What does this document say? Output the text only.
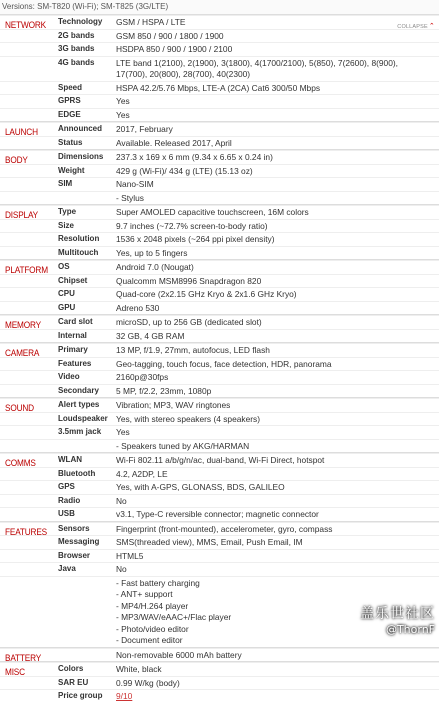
Versions: SM-T820 (Wi-Fi); SM-T825 (3G/LTE)
COLLAPSE⌃
NETWORK Technology	GSM / HSPA / LTE
2G bands	GSM 850 / 900 / 1800 / 1900
3G bands	HSDPA 850 / 900 / 1900 / 2100
4G bands	LTE band 1(2100), 2(1900), 3(1800), 4(1700/2100), 5(850), 7(2600), 8(900),
17(700), 20(800), 28(700), 40(2300)
Speed	HSPA 42.2/5.76 Mbps, LTE-A (2CA) Cat6 300/50 Mbps
GPRS	Yes
EDGE	Yes
LAUNCH	Announced	2017, February
Status	Available. Released 2017, April
BODY	Dimensions	237.3 x 169 x 6 mm (9.34 x 6.65 x 0.24 in)
Weight	429 g (Wi-Fi)/ 434 g (LTE) (15.13 oz)
SIM	Nano-SIM
- Stylus
DISPLAY Type	Super AMOLED capacitive touchscreen, 16M colors
Size	9.7 inches (~72.7% screen-to-body ratio)
Resolution	1536 x 2048 pixels (~264 ppi pixel density)
Multitouch	Yes, up to 5 fingers
PLATFORM OS	Android 7.0 (Nougat)
Chipset	Qualcomm MSM8996 Snapdragon 820
CPU	Quad-core (2x2.15 GHz Kryo & 2x1.6 GHz Kryo)
GPU	Adreno 530
MEMORY Card slot	microSD, up to 256 GB (dedicated slot)
Internal	32 GB, 4 GB RAM
CAMERA Primary	13 MP, f/1.9, 27mm, autofocus, LED flash
Features	Geo-tagging, touch focus, face detection, HDR, panorama
Video	2160p@30fps
Secondary	5 MP, f/2.2, 23mm, 1080p
SOUND	Alert types	Vibration; MP3, WAV ringtones
Loudspeaker Yes, with stereo speakers (4 speakers)
3.5mm jack	Yes
- Speakers tuned by AKG/HARMAN
COMMS	WLAN	Wi-Fi 802.11 a/b/g/n/ac, dual-band, Wi-Fi Direct, hotspot
Bluetooth	4.2, A2DP, LE
GPS	Yes, with A-GPS, GLONASS, BDS, GALILEO
Radio	No
USB	v3.1, Type-C reversible connector; magnetic connector
FEATURES Sensors	Fingerprint (front-mounted), accelerometer, gyro, compass
Messaging	SMS(threaded view), MMS, Email, Push Email, IM
Browser	HTML5
Java	No
- Fast battery charging
- ANT+ support
- MP4/H.264 player
- MP3/WAV/eAAC+/Flac player
- Photo/video editor
- Document editor
BATTERY	Non-removable 6000 mAh battery
MISC	Colors	White, black
SAR EU	0.99 W/kg (body)
Price group	9/10
盖乐世社区
@ThornF
